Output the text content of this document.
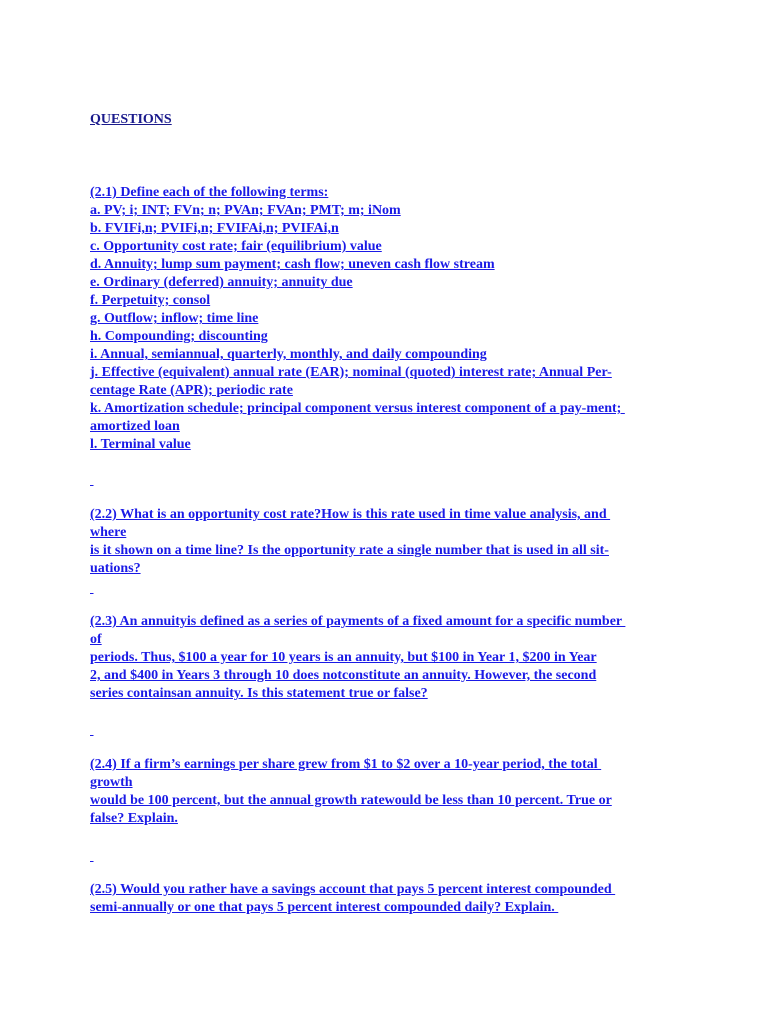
QUESTIONS
(2.1) Define each of the following terms:
a. PV; i; INT; FVn; n; PVAn; FVAn; PMT; m; iNom
b. FVIFi,n; PVIFi,n; FVIFAi,n; PVIFAi,n
c. Opportunity cost rate; fair (equilibrium) value
d. Annuity; lump sum payment; cash flow; uneven cash flow stream
e. Ordinary (deferred) annuity; annuity due
f. Perpetuity; consol
g. Outflow; inflow; time line
h. Compounding; discounting
i. Annual, semiannual, quarterly, monthly, and daily compounding
j. Effective (equivalent) annual rate (EAR); nominal (quoted) interest rate; Annual Per-
centage Rate (APR); periodic rate
k. Amortization schedule; principal component versus interest component of a pay-ment;
amortized loan
l. Terminal value

(2.2) What is an opportunity cost rate?How is this rate used in time value analysis, and
where
is it shown on a time line? Is the opportunity rate a single number that is used in all sit-
uations?

(2.3) An annuityis defined as a series of payments of a fixed amount for a specific number
of
periods. Thus, $100 a year for 10 years is an annuity, but $100 in Year 1, $200 in Year
2, and $400 in Years 3 through 10 does notconstitute an annuity. However, the second
series containsan annuity. Is this statement true or false?

(2.4) If a firm’s earnings per share grew from $1 to $2 over a 10-year period, the total
growth
would be 100 percent, but the annual growth ratewould be less than 10 percent. True or
false? Explain.

(2.5) Would you rather have a savings account that pays 5 percent interest compounded
semi-annually or one that pays 5 percent interest compounded daily? Explain.
